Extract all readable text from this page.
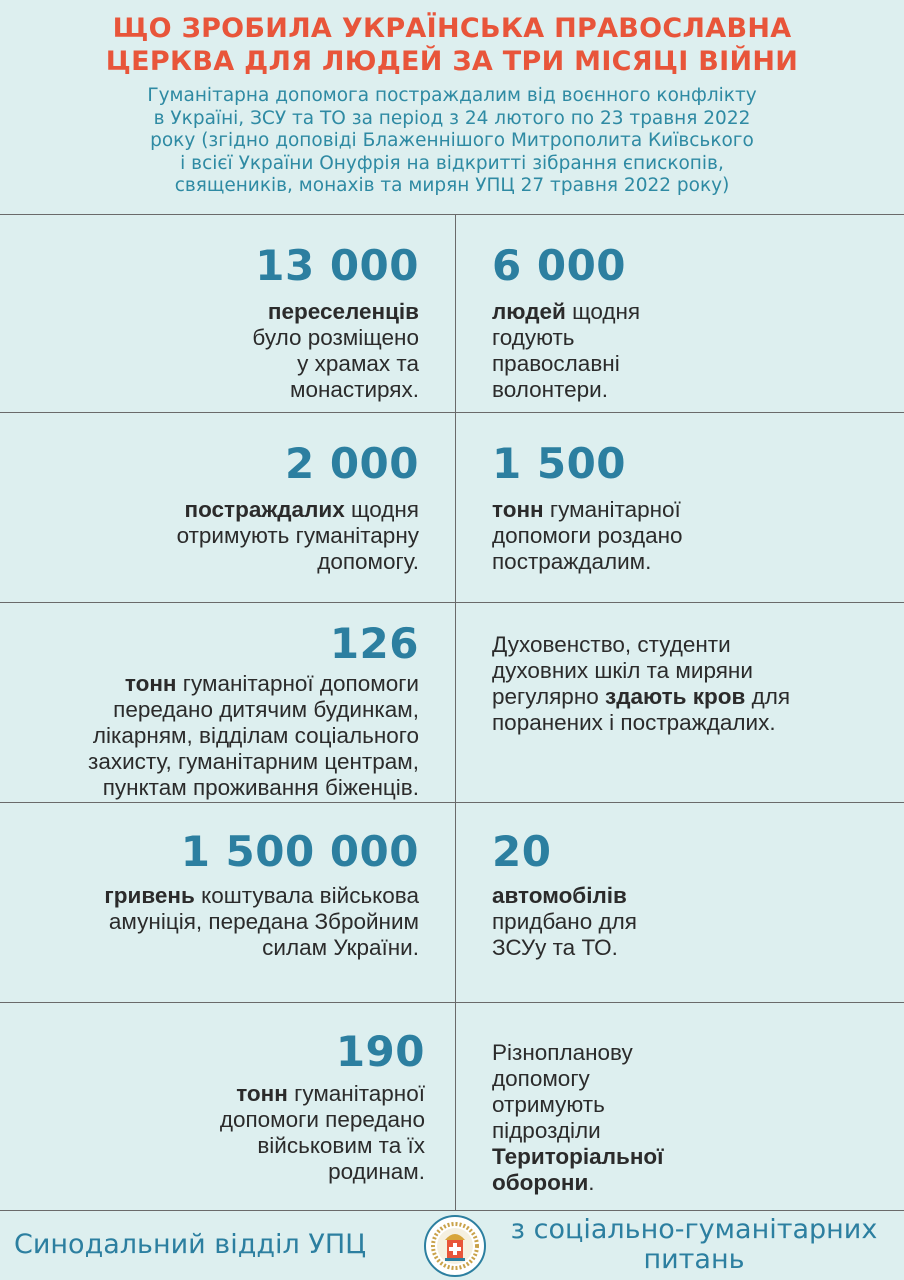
ЩО ЗРОБИЛА УКРАЇНСЬКА ПРАВОСЛАВНА
ЦЕРКВА ДЛЯ ЛЮДЕЙ ЗА ТРИ МІСЯЦІ ВІЙНИ
Гуманітарна допомога постраждалим від воєнного конфлікту
в Україні, ЗСУ та ТО за період з 24 лютого по 23 травня 2022
року (згідно доповіді Блаженнішого Митрополита Київського
і всієї України Онуфрія на відкритті зібрання єпископів,
священиків, монахів та мирян УПЦ 27 травня 2022 року)
13 000
переселенців
було розміщено
у храмах та
монастирях.
6 000
людей щодня
годують
православні
волонтери.
2 000
постраждалих щодня
отримують гуманітарну
допомогу.
1 500
тонн гуманітарної
допомоги роздано
постраждалим.
126
тонн гуманітарної допомоги
передано дитячим будинкам,
лікарням, відділам соціального
захисту, гуманітарним центрам,
пунктам проживання біженців.
Духовенство, студенти
духовних шкіл та миряни
регулярно здають кров для
поранених і постраждалих.
1 500 000
гривень коштувала військова
амуніція, передана Збройним
силам України.
20
автомобілів
придбано для
ЗСУу та ТО.
190
тонн гуманітарної
допомоги передано
військовим та їх
родинам.
Різнопланову
допомогу
отримують
підрозділи
Територіальної
оборони.
Синодальний відділ УПЦ	з соціально-гуманітарних
питань
